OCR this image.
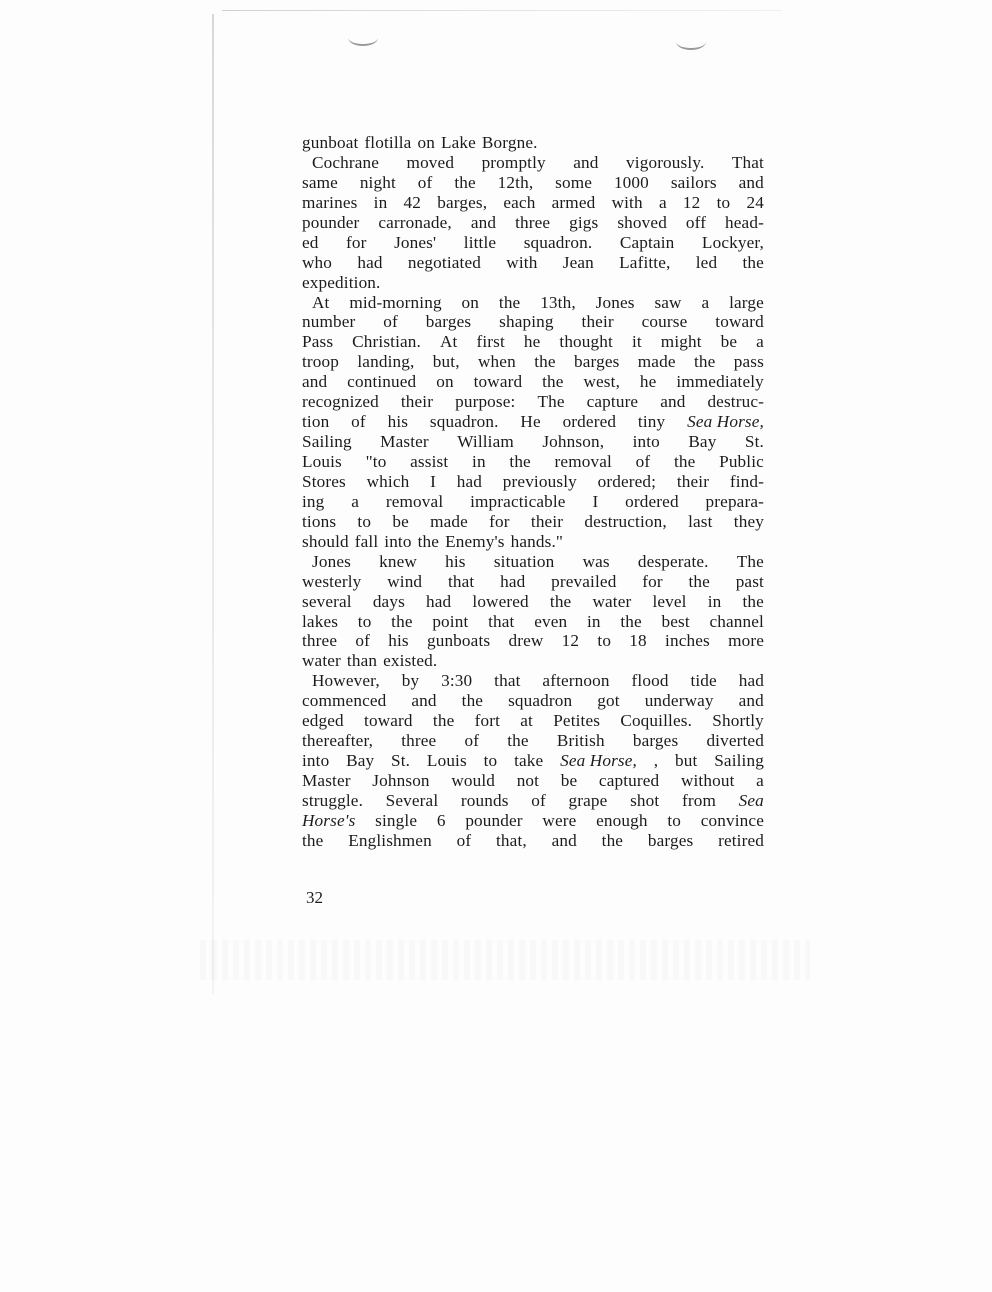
gunboat flotilla on Lake Borgne.
Cochrane moved promptly and vigorously. That
same night of the 12th, some 1000 sailors and
marines in 42 barges, each armed with a 12 to 24
pounder carronade, and three gigs shoved off head-
ed for Jones' little squadron. Captain Lockyer,
who had negotiated with Jean Lafitte, led the
expedition.
At mid-morning on the 13th, Jones saw a large
number of barges shaping their course toward
Pass Christian. At first he thought it might be a
troop landing, but, when the barges made the pass
and continued on toward the west, he immediately
recognized their purpose: The capture and destruc-
tion of his squadron. He ordered tiny Sea Horse,
Sailing Master William Johnson, into Bay St.
Louis "to assist in the removal of the Public
Stores which I had previously ordered; their find-
ing a removal impracticable I ordered prepara-
tions to be made for their destruction, last they
should fall into the Enemy's hands."
Jones knew his situation was desperate. The
westerly wind that had prevailed for the past
several days had lowered the water level in the
lakes to the point that even in the best channel
three of his gunboats drew 12 to 18 inches more
water than existed.
However, by 3:30 that afternoon flood tide had
commenced and the squadron got underway and
edged toward the fort at Petites Coquilles. Shortly
thereafter, three of the British barges diverted
into Bay St. Louis to take Sea Horse, , but Sailing
Master Johnson would not be captured without a
struggle. Several rounds of grape shot from Sea
Horse's single 6 pounder were enough to convince
the Englishmen of that, and the barges retired
32
